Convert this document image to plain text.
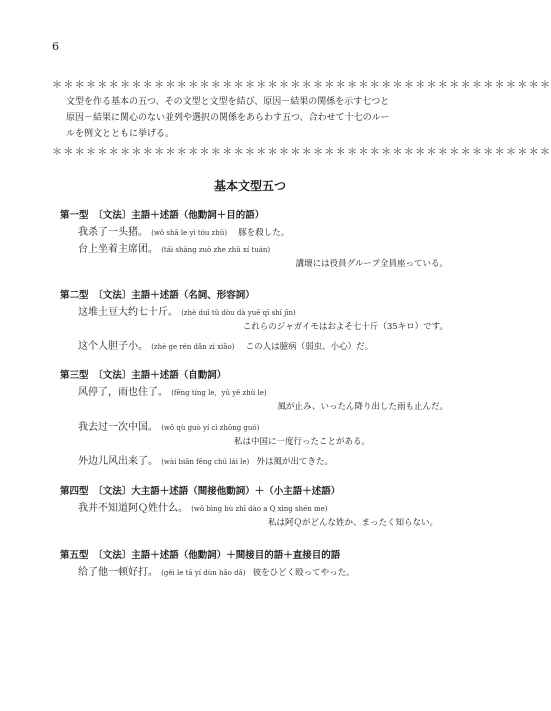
6
＊＊＊＊＊＊＊＊＊＊＊＊＊＊＊＊＊＊＊＊＊＊＊＊＊＊＊＊＊＊＊＊＊＊＊＊＊＊＊＊＊＊＊＊
文型を作る基本の五つ、その文型と文型を結び、原因－結果の関係を示す七つと
原因－結果に関心のない並列や選択の関係をあらわす五つ、合わせて十七のルー
ルを例文とともに挙げる。
＊＊＊＊＊＊＊＊＊＊＊＊＊＊＊＊＊＊＊＊＊＊＊＊＊＊＊＊＊＊＊＊＊＊＊＊＊＊＊＊＊＊＊＊
基本文型五つ
第一型　〔文法〕主語＋述語（他動詞＋目的語）
我杀了一头猪。 (wǒ shā le yì tóu zhū) 豚を殺した。
台上坐着主席团。 (tái shàng zuò zhe zhǔ xí tuán)
講壇には役員グループ全員座っている。
第二型　〔文法〕主語＋述語（名詞、形容詞）
这堆土豆大约七十斤。 (zhè duī tǔ dòu dà yuē qī shí jīn)
これらのジャガイモはおよそ七十斤（35キロ）です。
这个人胆子小。 (zhè ge rén dǎn zi xiǎo) この人は臆病（弱虫、小心）だ。
第三型　〔文法〕主語＋述語（自動詞）
风停了，雨也住了。 (fēng tíng le，yǔ yě zhù le)
風が止み、いったん降り出した雨も止んだ。
我去过一次中国。 (wǒ qù guò yí cì zhōng guó)
私は中国に一度行ったことがある。
外边儿风出来了。 (wài biān fēng chū lái le) 外は風が出てきた。
第四型　〔文法〕大主語＋述語（間接他動詞）＋（小主語＋述語）
我并不知道阿Ｑ姓什么。 (wǒ bìng bù zhī dào a Q xìng shén me)
私は阿Ｑがどんな姓か、まったく知らない。
第五型　〔文法〕主語＋述語（他動詞）＋間接目的語＋直接目的語
给了他一顿好打。 (gěi le tā yí dùn hǎo dǎ) 彼をひどく殴ってやった。
